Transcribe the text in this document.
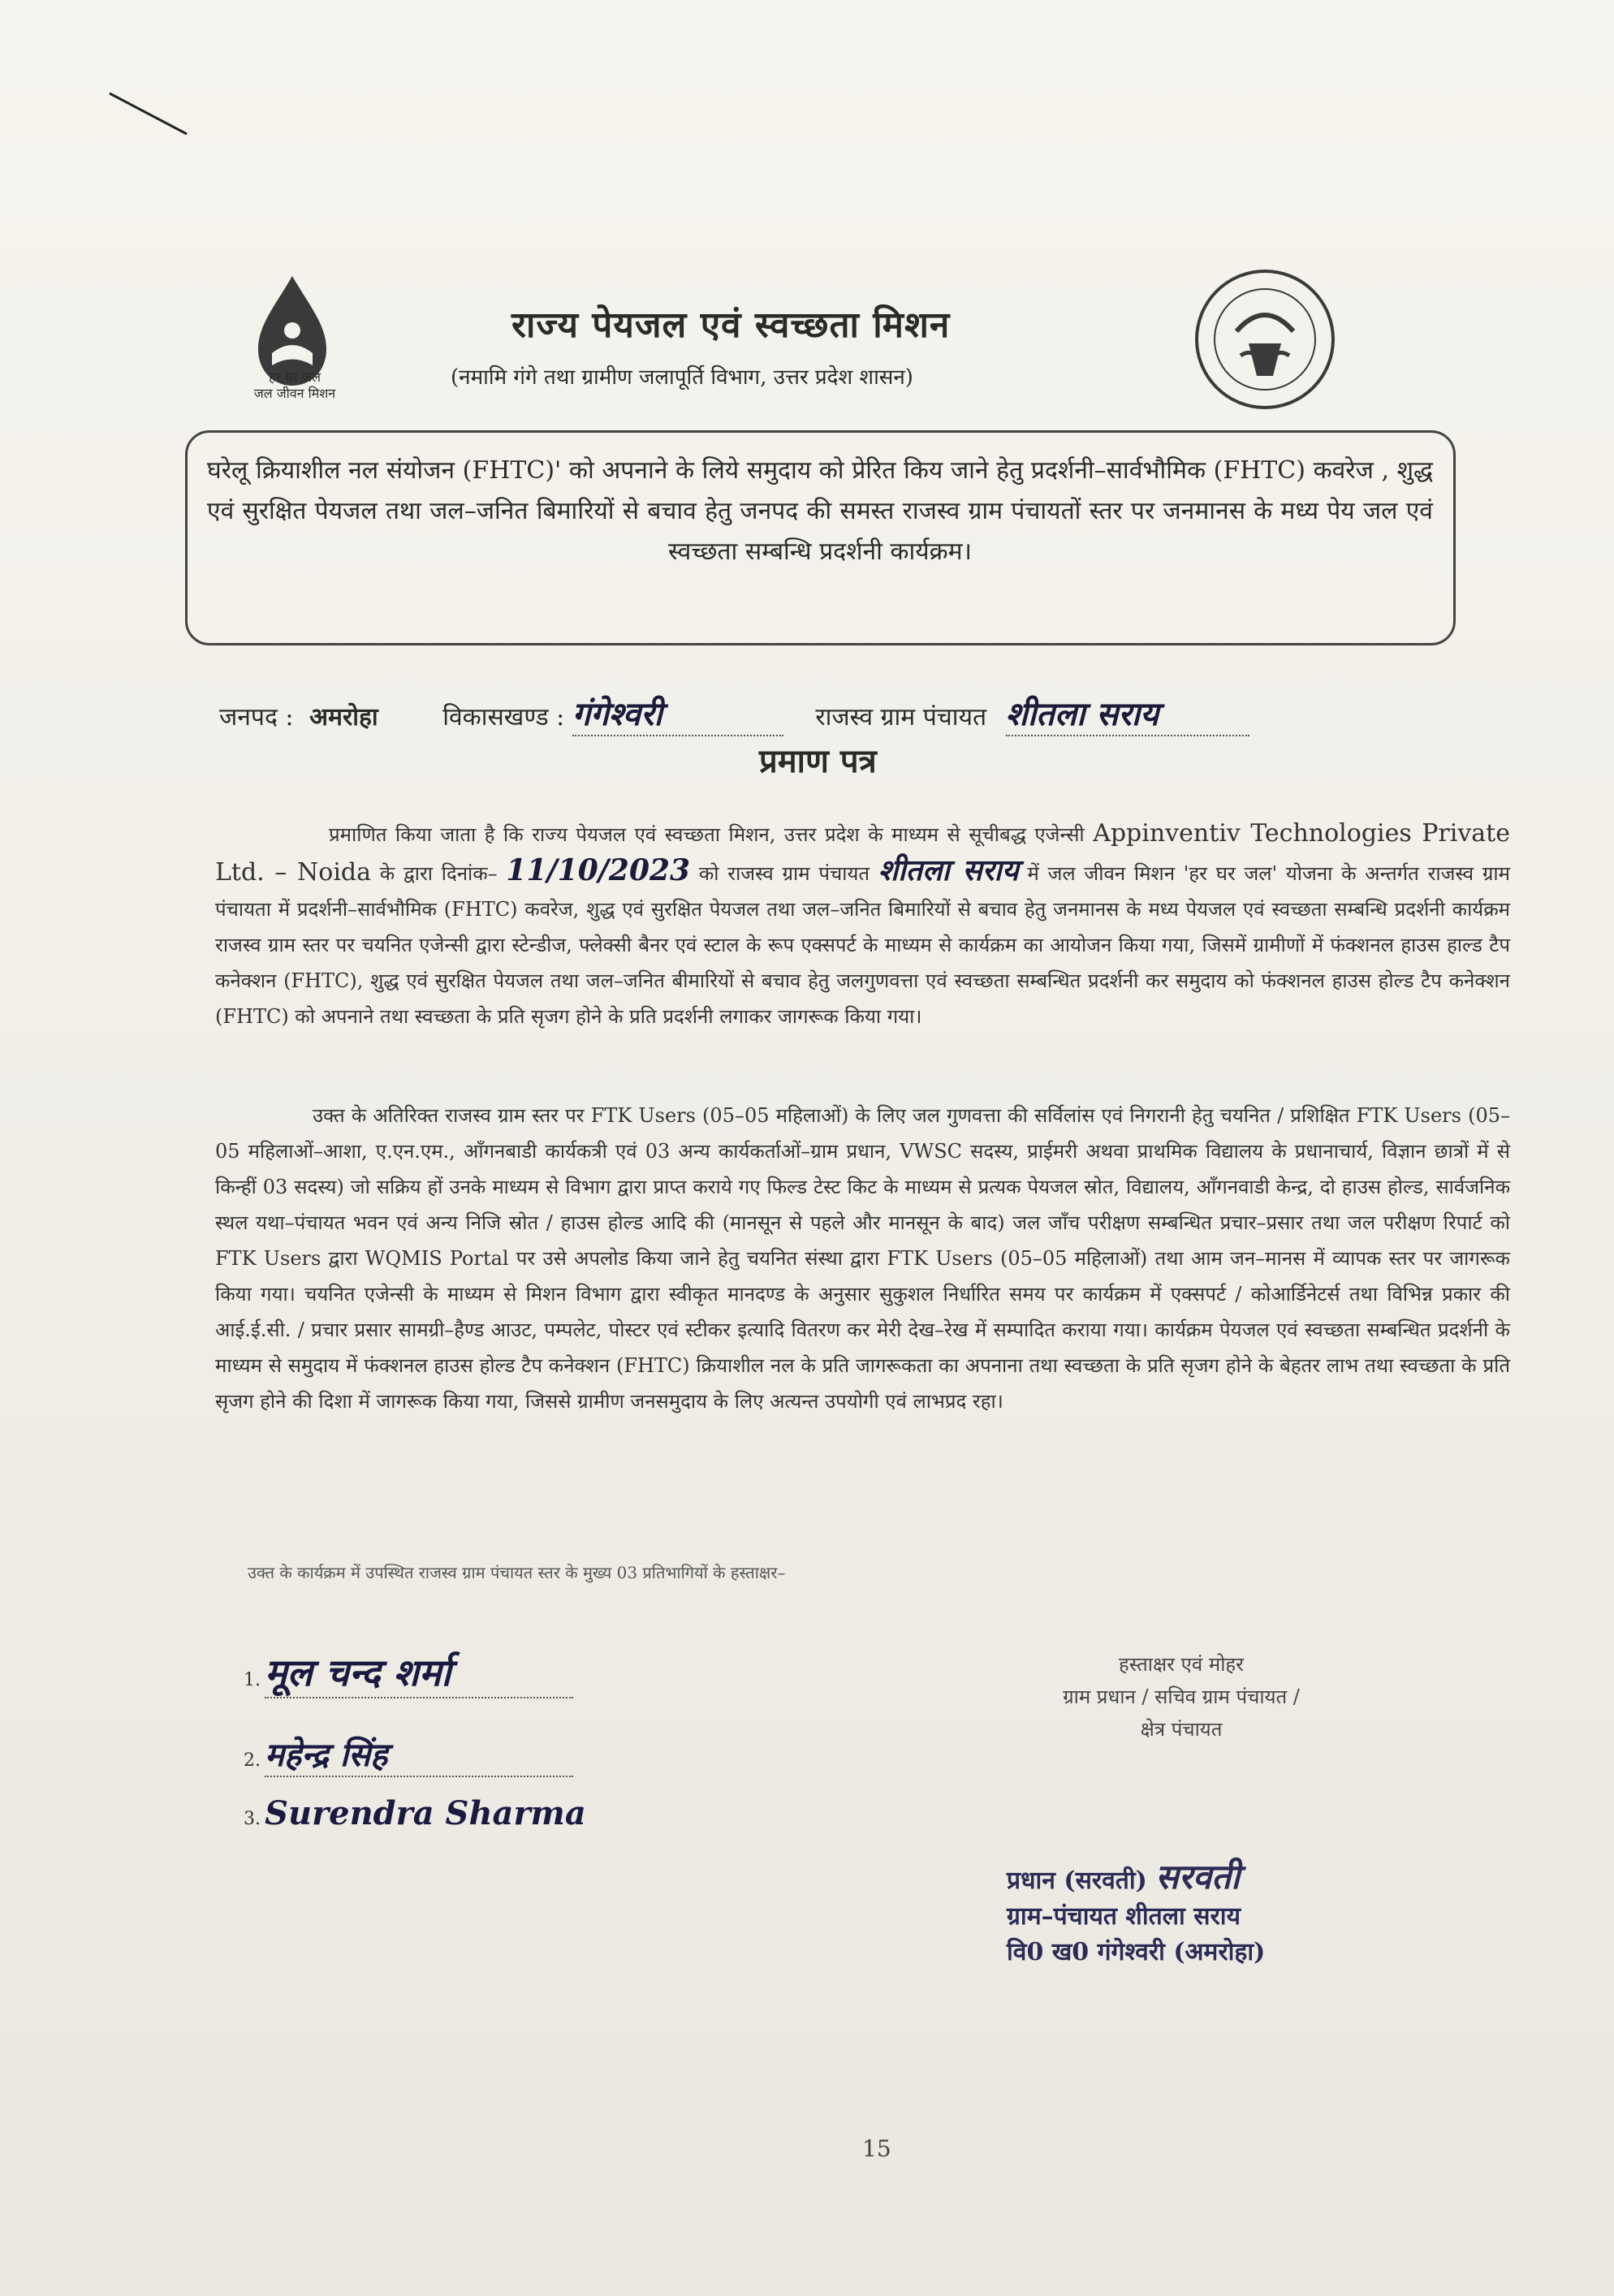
हर घर जल
जल जीवन मिशन
राज्य पेयजल एवं स्वच्छता मिशन
(नमामि गंगे तथा ग्रामीण जलापूर्ति विभाग, उत्तर प्रदेश शासन)
घरेलू क्रियाशील नल संयोजन (FHTC)' को अपनाने के लिये समुदाय को प्रेरित किय जाने हेतु प्रदर्शनी–सार्वभौमिक (FHTC) कवरेज , शुद्ध एवं सुरक्षित पेयजल तथा जल–जनित बिमारियों से बचाव हेतु जनपद की समस्त राजस्व ग्राम पंचायतों स्तर पर जनमानस के मध्य पेय जल एवं स्वच्छता सम्बन्धि प्रदर्शनी कार्यक्रम।
जनपद : अमरोहा	विकासखण्ड : गंगेश्वरी	राजस्व ग्राम पंचायत शीतला सराय
प्रमाण पत्र
प्रमाणित किया जाता है कि राज्य पेयजल एवं स्वच्छता मिशन, उत्तर प्रदेश के माध्यम से सूचीबद्ध एजेन्सी Appinventiv Technologies Private Ltd. – Noida के द्वारा दिनांक– 11/10/2023 को राजस्व ग्राम पंचायत शीतला सराय में जल जीवन मिशन 'हर घर जल' योजना के अन्तर्गत राजस्व ग्राम पंचायता में प्रदर्शनी–सार्वभौमिक (FHTC) कवरेज, शुद्ध एवं सुरक्षित पेयजल तथा जल–जनित बिमारियों से बचाव हेतु जनमानस के मध्य पेयजल एवं स्वच्छता सम्बन्धि प्रदर्शनी कार्यक्रम राजस्व ग्राम स्तर पर चयनित एजेन्सी द्वारा स्टेन्डीज, फ्लेक्सी बैनर एवं स्टाल के रूप एक्सपर्ट के माध्यम से कार्यक्रम का आयोजन किया गया, जिसमें ग्रामीणों में फंक्शनल हाउस हाल्ड टैप कनेक्शन (FHTC), शुद्ध एवं सुरक्षित पेयजल तथा जल–जनित बीमारियों से बचाव हेतु जलगुणवत्ता एवं स्वच्छता सम्बन्धित प्रदर्शनी कर समुदाय को फंक्शनल हाउस होल्ड टैप कनेक्शन (FHTC) को अपनाने तथा स्वच्छता के प्रति सृजग होने के प्रति प्रदर्शनी लगाकर जागरूक किया गया।
उक्त के अतिरिक्त राजस्व ग्राम स्तर पर FTK Users (05–05 महिलाओं) के लिए जल गुणवत्ता की सर्विलांस एवं निगरानी हेतु चयनित / प्रशिक्षित FTK Users (05–05 महिलाओं–आशा, ए.एन.एम., आँगनबाडी कार्यकत्री एवं 03 अन्य कार्यकर्ताओं–ग्राम प्रधान, VWSC सदस्य, प्राईमरी अथवा प्राथमिक विद्यालय के प्रधानाचार्य, विज्ञान छात्रों में से किन्हीं 03 सदस्य) जो सक्रिय हों उनके माध्यम से विभाग द्वारा प्राप्त कराये गए फिल्ड टेस्ट किट के माध्यम से प्रत्यक पेयजल स्रोत, विद्यालय, आँगनवाडी केन्द्र, दो हाउस होल्ड, सार्वजनिक स्थल यथा–पंचायत भवन एवं अन्य निजि स्रोत / हाउस होल्ड आदि की (मानसून से पहले और मानसून के बाद) जल जाँच परीक्षण सम्बन्धित प्रचार–प्रसार तथा जल परीक्षण रिपार्ट को FTK Users द्वारा WQMIS Portal पर उसे अपलोड किया जाने हेतु चयनित संस्था द्वारा FTK Users (05–05 महिलाओं) तथा आम जन–मानस में व्यापक स्तर पर जागरूक किया गया। चयनित एजेन्सी के माध्यम से मिशन विभाग द्वारा स्वीकृत मानदण्ड के अनुसार सुकुशल निर्धारित समय पर कार्यक्रम में एक्सपर्ट / कोआर्डिनेटर्स तथा विभिन्न प्रकार की आई.ई.सी. / प्रचार प्रसार सामग्री–हैण्ड आउट, पम्पलेट, पोस्टर एवं स्टीकर इत्यादि वितरण कर मेरी देख–रेख में सम्पादित कराया गया। कार्यक्रम पेयजल एवं स्वच्छता सम्बन्धित प्रदर्शनी के माध्यम से समुदाय में फंक्शनल हाउस होल्ड टैप कनेक्शन (FHTC) क्रियाशील नल के प्रति जागरूकता का अपनाना तथा स्वच्छता के प्रति सृजग होने के बेहतर लाभ तथा स्वच्छता के प्रति सृजग होने की दिशा में जागरूक किया गया, जिससे ग्रामीण जनसमुदाय के लिए अत्यन्त उपयोगी एवं लाभप्रद रहा।
उक्त के कार्यक्रम में उपस्थित राजस्व ग्राम पंचायत स्तर के मुख्य 03 प्रतिभागियों के हस्ताक्षर–
1. मूल चन्द शर्मा
2. महेन्द्र सिंह
3. Surendra Sharma
हस्ताक्षर एवं मोहर
ग्राम प्रधान / सचिव ग्राम पंचायत /
क्षेत्र पंचायत
प्रधान (सरवती) सरवती
ग्राम–पंचायत शीतला सराय
वि0 ख0 गंगेश्वरी (अमरोहा)
15
